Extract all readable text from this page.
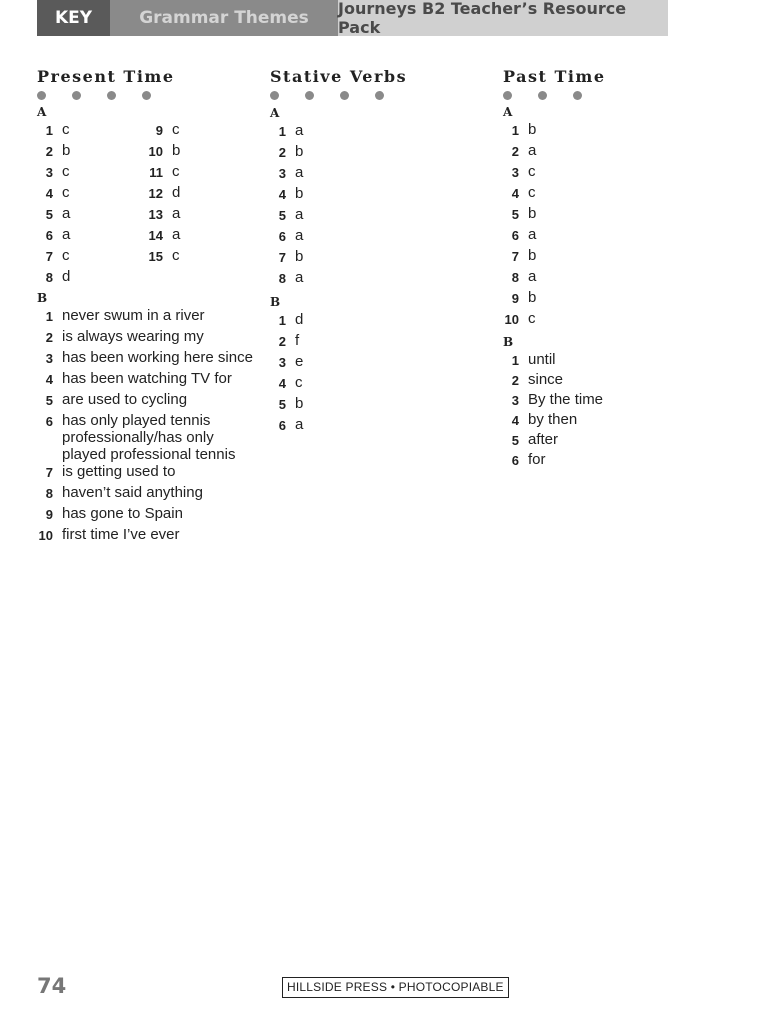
KEY	Grammar Themes Journeys B2 Teacher’s Resource Pack
Present Time
A
1 c
2 b
3 c
4 c
5 a
6 a
7 c
8 d
9 c
10 b
11 c
12 d
13 a
14 a
15 c
B
1 never swum in a river
2 is always wearing my
3 has been working here since
4 has been watching TV for
5 are used to cycling
6 has only played tennis professionally/has only played professional tennis
7 is getting used to
8 haven’t said anything
9 has gone to Spain
10 first time I’ve ever
Stative Verbs
A
1 a
2 b
3 a
4 b
5 a
6 a
7 b
8 a
B
1 d
2 f
3 e
4 c
5 b
6 a
Past Time
A
1 b
2 a
3 c
4 c
5 b
6 a
7 b
8 a
9 b
10 c
B
1 until
2 since
3 By the time
4 by then
5 after
6 for
74	HILLSIDE PRESS • PHOTOCOPIABLE
